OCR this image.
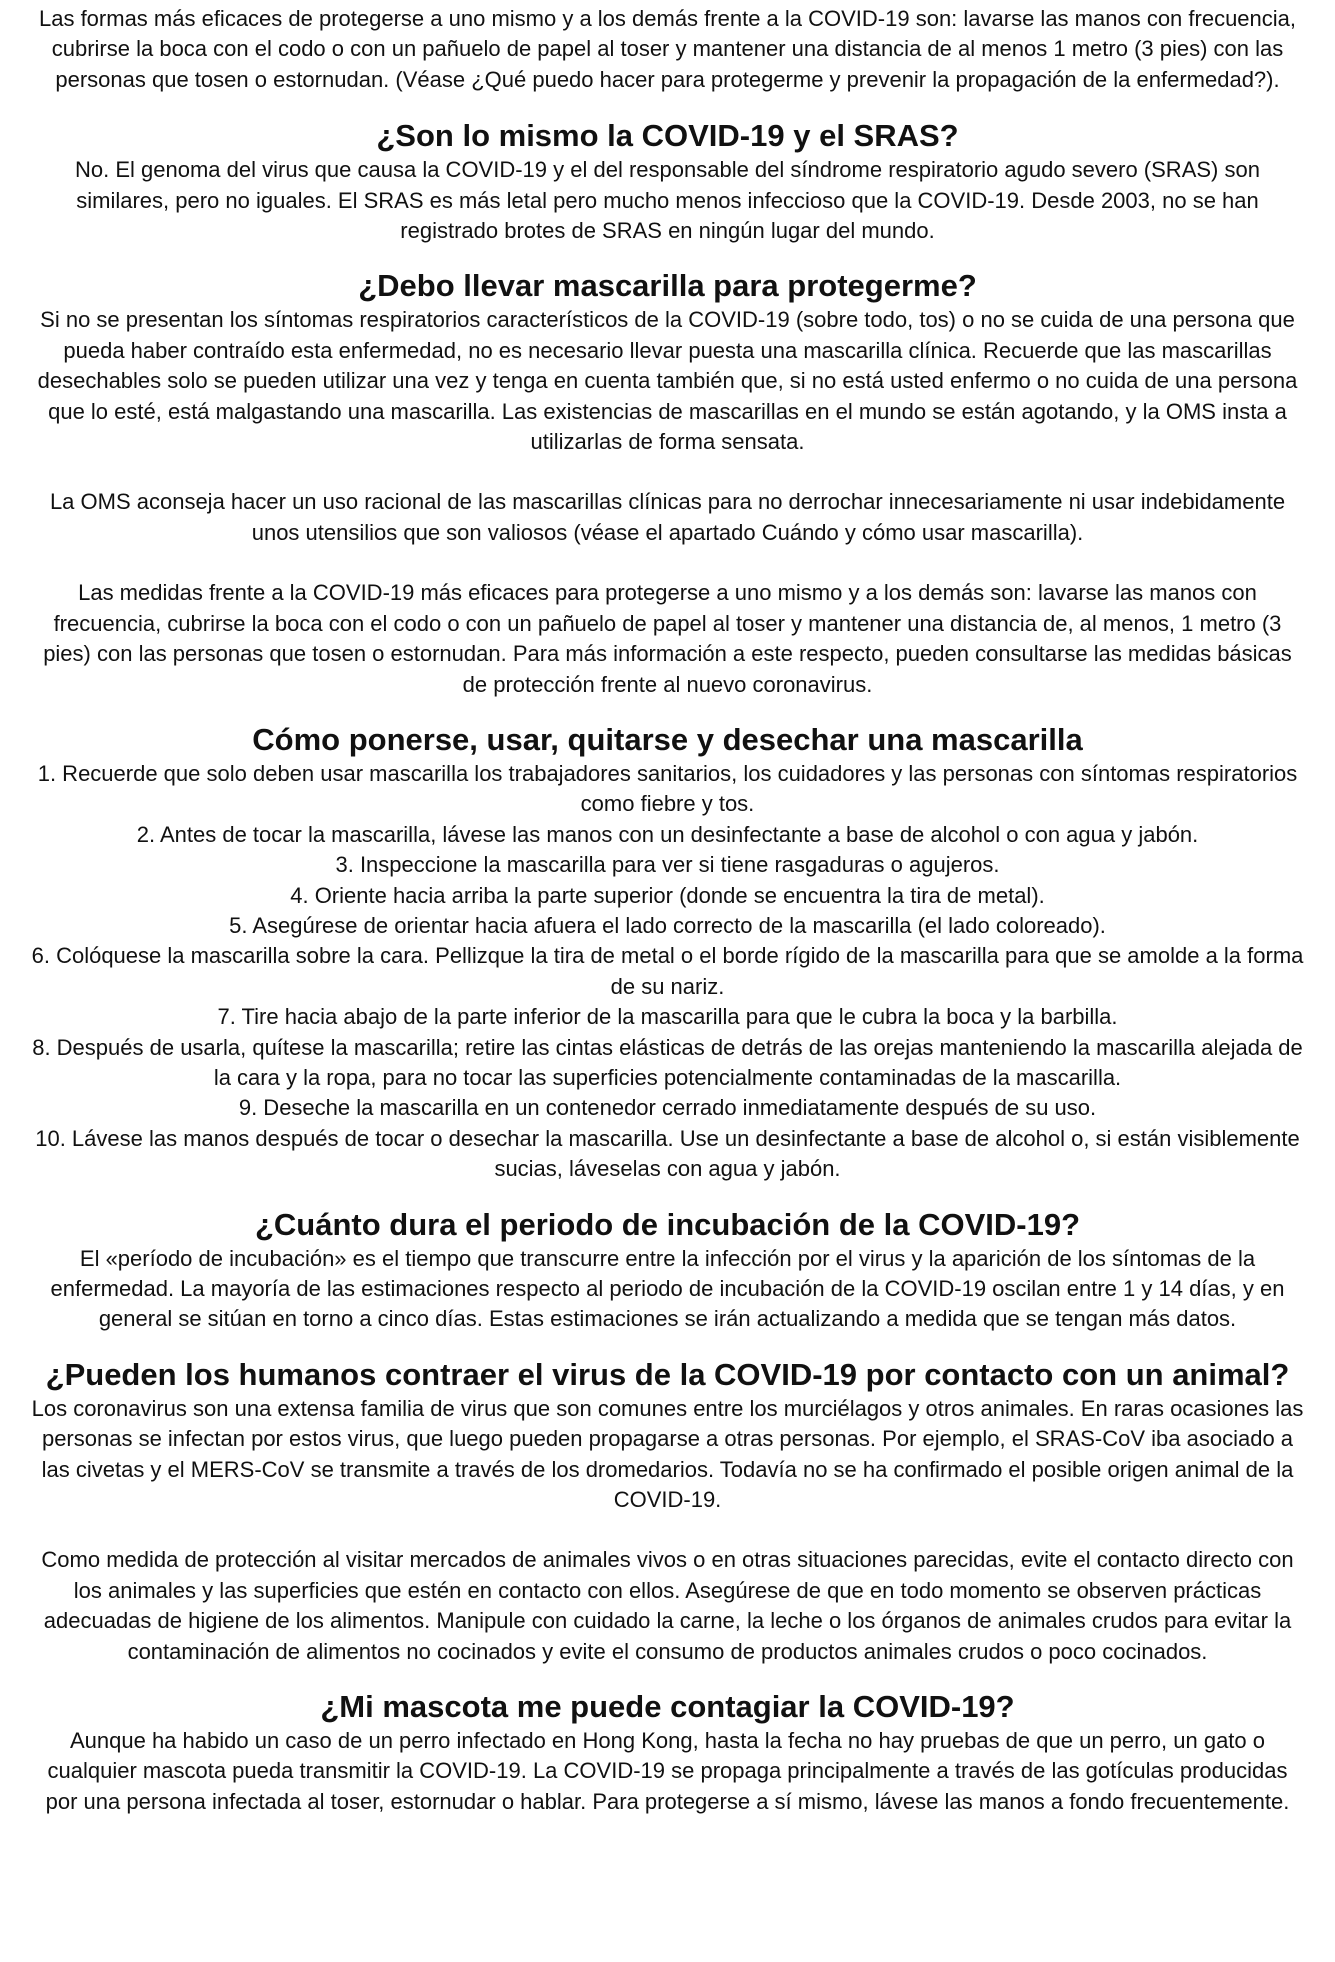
Las formas más eficaces de protegerse a uno mismo y a los demás frente a la COVID-19 son: lavarse las manos con frecuencia, cubrirse la boca con el codo o con un pañuelo de papel al toser y mantener una distancia de al menos 1 metro (3 pies) con las personas que tosen o estornudan. (Véase ¿Qué puedo hacer para protegerme y prevenir la propagación de la enfermedad?).

¿Son lo mismo la COVID-19 y el SRAS?

No. El genoma del virus que causa la COVID-19 y el del responsable del síndrome respiratorio agudo severo (SRAS) son similares, pero no iguales. El SRAS es más letal pero mucho menos infeccioso que la COVID-19. Desde 2003, no se han registrado brotes de SRAS en ningún lugar del mundo.

¿Debo llevar mascarilla para protegerme?

Si no se presentan los síntomas respiratorios característicos de la COVID-19 (sobre todo, tos) o no se cuida de una persona que pueda haber contraído esta enfermedad, no es necesario llevar puesta una mascarilla clínica. Recuerde que las mascarillas desechables solo se pueden utilizar una vez y tenga en cuenta también que, si no está usted enfermo o no cuida de una persona que lo esté, está malgastando una mascarilla. Las existencias de mascarillas en el mundo se están agotando, y la OMS insta a utilizarlas de forma sensata.

La OMS aconseja hacer un uso racional de las mascarillas clínicas para no derrochar innecesariamente ni usar indebidamente unos utensilios que son valiosos (véase el apartado Cuándo y cómo usar mascarilla).

Las medidas frente a la COVID-19 más eficaces para protegerse a uno mismo y a los demás son: lavarse las manos con frecuencia, cubrirse la boca con el codo o con un pañuelo de papel al toser y mantener una distancia de, al menos, 1 metro (3 pies) con las personas que tosen o estornudan. Para más información a este respecto, pueden consultarse las medidas básicas de protección frente al nuevo coronavirus.

Cómo ponerse, usar, quitarse y desechar una mascarilla
1. Recuerde que solo deben usar mascarilla los trabajadores sanitarios, los cuidadores y las personas con síntomas respiratorios como fiebre y tos.
2. Antes de tocar la mascarilla, lávese las manos con un desinfectante a base de alcohol o con agua y jabón.
3. Inspeccione la mascarilla para ver si tiene rasgaduras o agujeros.
4. Oriente hacia arriba la parte superior (donde se encuentra la tira de metal).
5. Asegúrese de orientar hacia afuera el lado correcto de la mascarilla (el lado coloreado).
6. Colóquese la mascarilla sobre la cara. Pellizque la tira de metal o el borde rígido de la mascarilla para que se amolde a la forma de su nariz.
7. Tire hacia abajo de la parte inferior de la mascarilla para que le cubra la boca y la barbilla.
8. Después de usarla, quítese la mascarilla; retire las cintas elásticas de detrás de las orejas manteniendo la mascarilla alejada de la cara y la ropa, para no tocar las superficies potencialmente contaminadas de la mascarilla.
9. Deseche la mascarilla en un contenedor cerrado inmediatamente después de su uso.
10. Lávese las manos después de tocar o desechar la mascarilla. Use un desinfectante a base de alcohol o, si están visiblemente sucias, láveselas con agua y jabón.
¿Cuánto dura el periodo de incubación de la COVID-19?

El «período de incubación» es el tiempo que transcurre entre la infección por el virus y la aparición de los síntomas de la enfermedad. La mayoría de las estimaciones respecto al periodo de incubación de la COVID-19 oscilan entre 1 y 14 días, y en general se sitúan en torno a cinco días. Estas estimaciones se irán actualizando a medida que se tengan más datos.

¿Pueden los humanos contraer el virus de la COVID-19 por contacto con un animal?

Los coronavirus son una extensa familia de virus que son comunes entre los murciélagos y otros animales. En raras ocasiones las personas se infectan por estos virus, que luego pueden propagarse a otras personas. Por ejemplo, el SRAS-CoV iba asociado a las civetas y el MERS-CoV se transmite a través de los dromedarios. Todavía no se ha confirmado el posible origen animal de la COVID-19.

Como medida de protección al visitar mercados de animales vivos o en otras situaciones parecidas, evite el contacto directo con los animales y las superficies que estén en contacto con ellos. Asegúrese de que en todo momento se observen prácticas adecuadas de higiene de los alimentos. Manipule con cuidado la carne, la leche o los órganos de animales crudos para evitar la contaminación de alimentos no cocinados y evite el consumo de productos animales crudos o poco cocinados.

¿Mi mascota me puede contagiar la COVID-19?

Aunque ha habido un caso de un perro infectado en Hong Kong, hasta la fecha no hay pruebas de que un perro, un gato o cualquier mascota pueda transmitir la COVID-19. La COVID-19 se propaga principalmente a través de las gotículas producidas por una persona infectada al toser, estornudar o hablar. Para protegerse a sí mismo, lávese las manos a fondo frecuentemente.
